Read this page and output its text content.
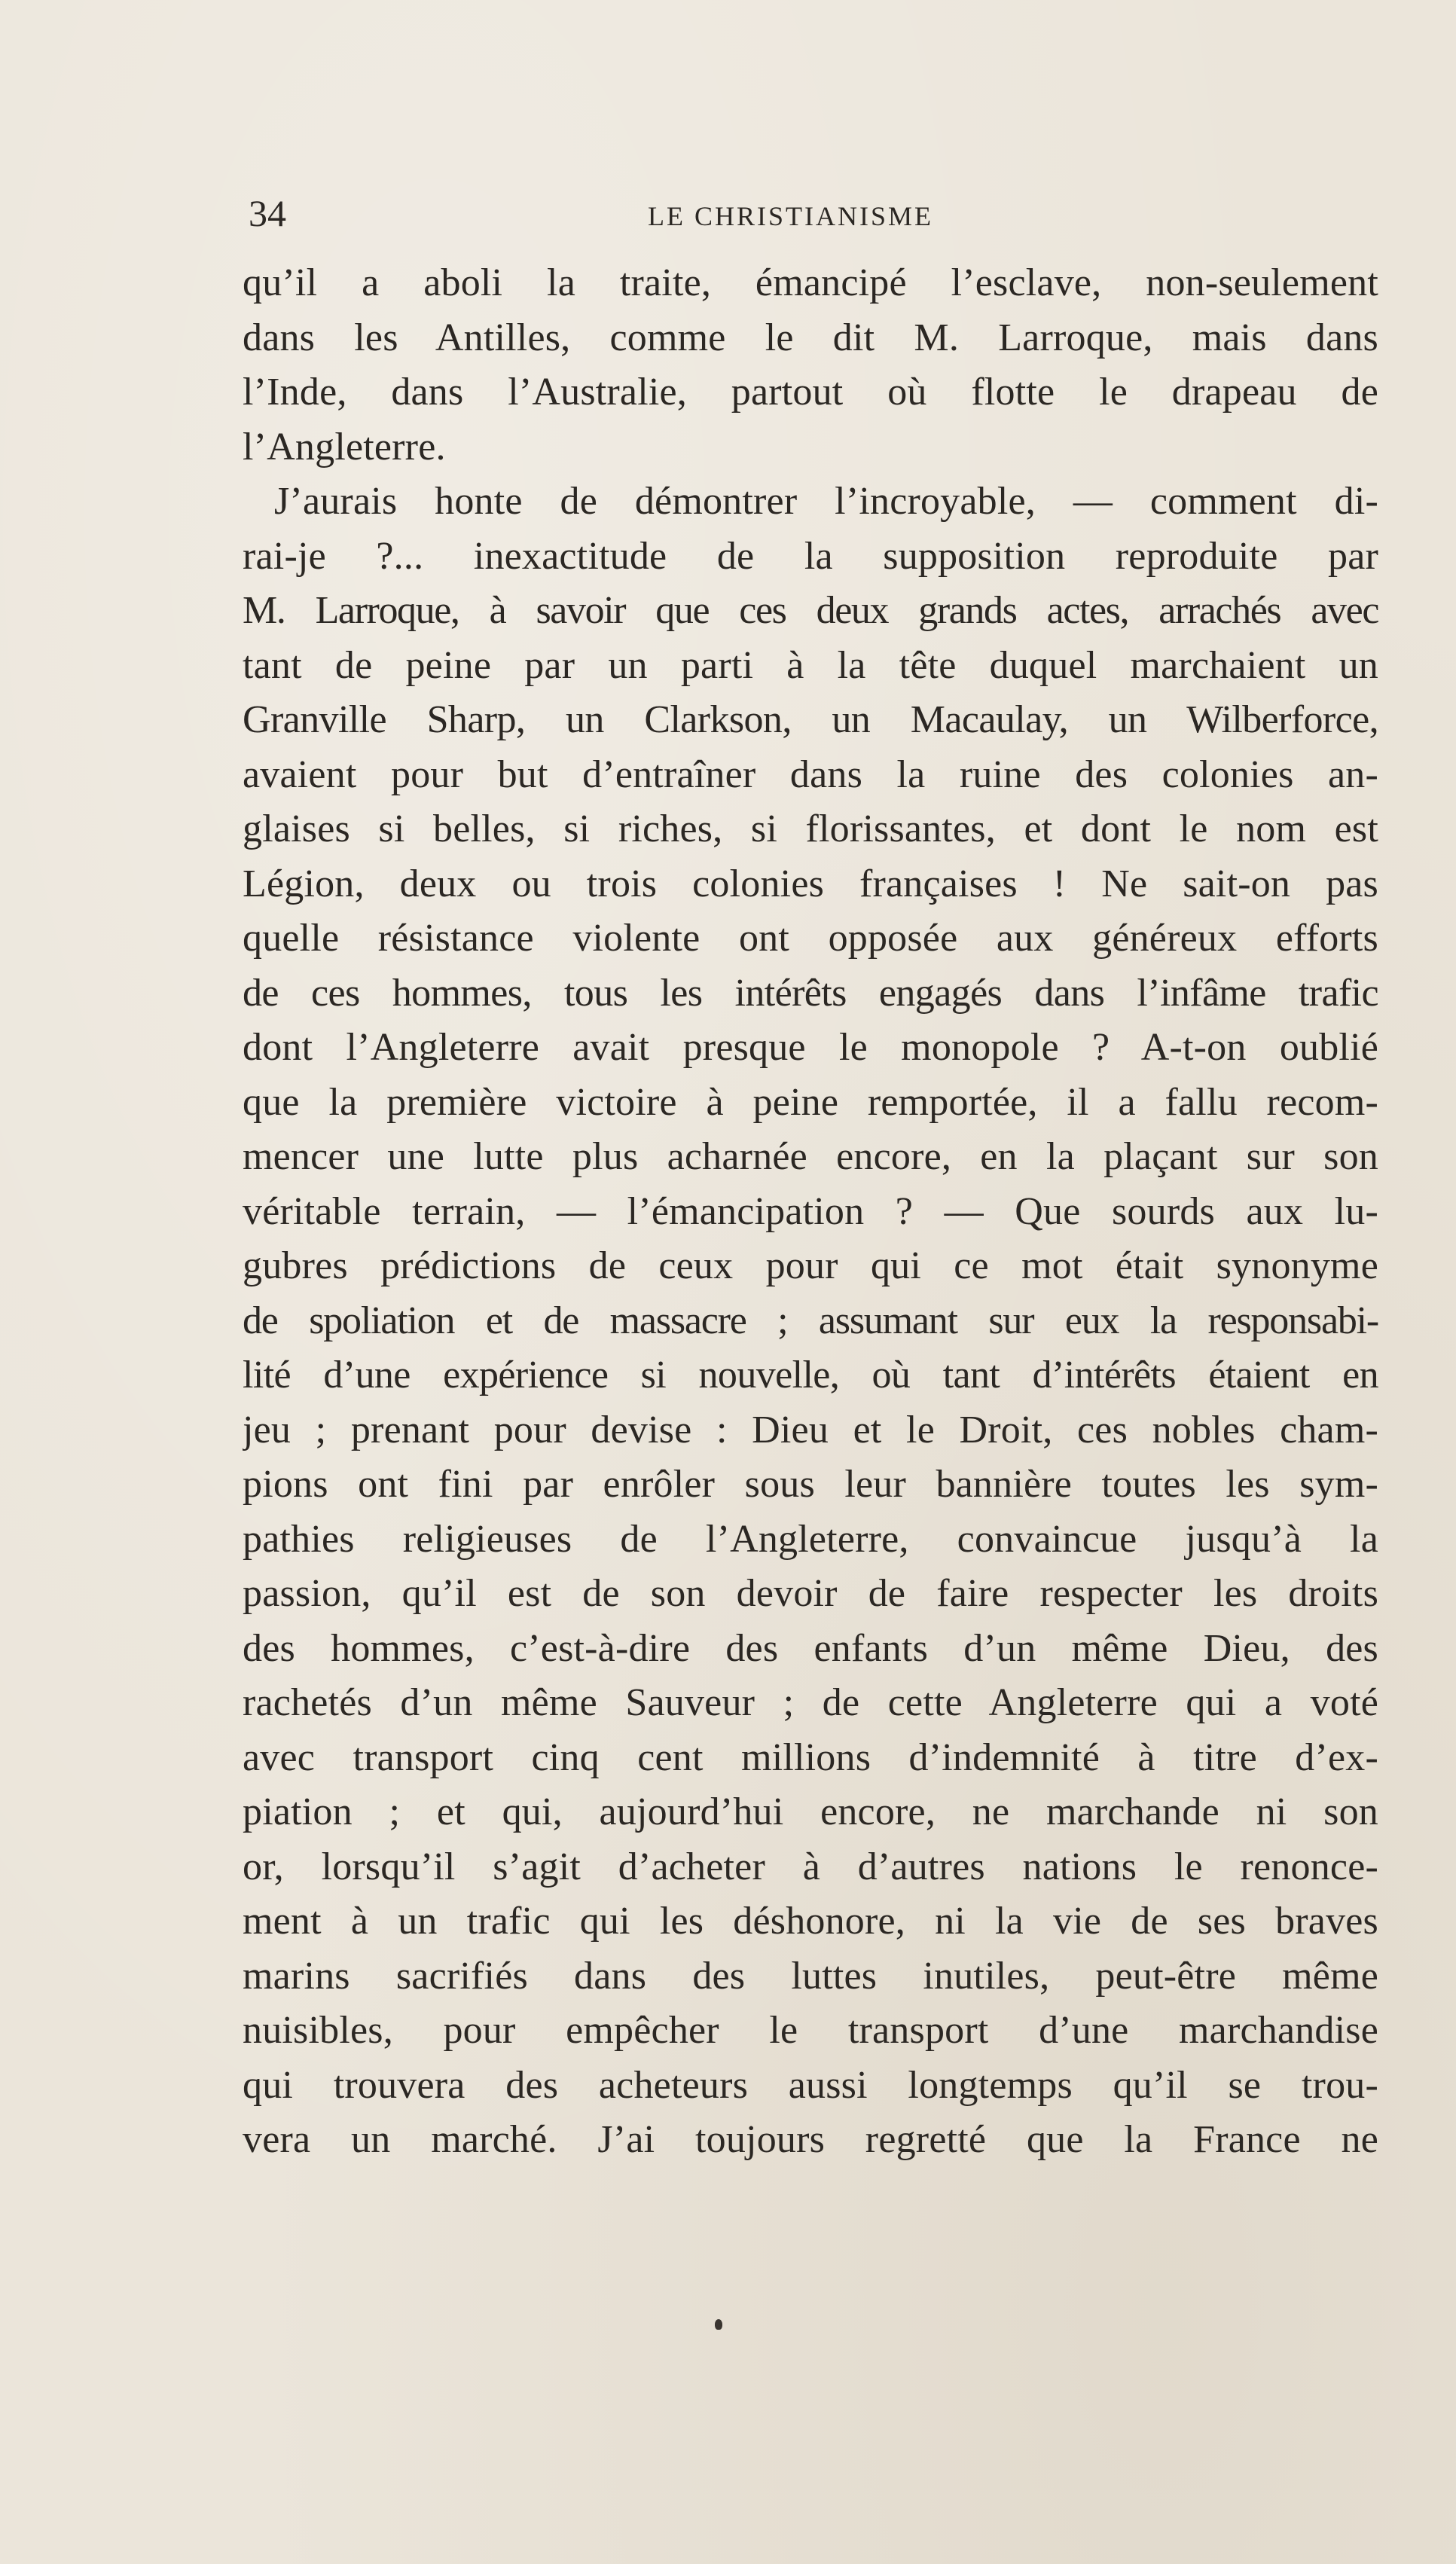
34	LE CHRISTIANISME
qu’il a aboli la traite, émancipé l’esclave, non-seulement
dans les Antilles, comme le dit M. Larroque, mais dans
l’Inde, dans l’Australie, partout où flotte le drapeau de
l’Angleterre.
J’aurais honte de démontrer l’incroyable, — comment di-
rai-je ?... inexactitude de la supposition reproduite par
M. Larroque, à savoir que ces deux grands actes, arrachés avec
tant de peine par un parti à la tête duquel marchaient un
Granville Sharp, un Clarkson, un Macaulay, un Wilberforce,
avaient pour but d’entraîner dans la ruine des colonies an-
glaises si belles, si riches, si florissantes, et dont le nom est
Légion, deux ou trois colonies françaises ! Ne sait-on pas
quelle résistance violente ont opposée aux généreux efforts
de ces hommes, tous les intérêts engagés dans l’infâme trafic
dont l’Angleterre avait presque le monopole ? A-t-on oublié
que la première victoire à peine remportée, il a fallu recom-
mencer une lutte plus acharnée encore, en la plaçant sur son
véritable terrain, — l’émancipation ? — Que sourds aux lu-
gubres prédictions de ceux pour qui ce mot était synonyme
de spoliation et de massacre ; assumant sur eux la responsabi-
lité d’une expérience si nouvelle, où tant d’intérêts étaient en
jeu ; prenant pour devise : Dieu et le Droit, ces nobles cham-
pions ont fini par enrôler sous leur bannière toutes les sym-
pathies religieuses de l’Angleterre, convaincue jusqu’à la
passion, qu’il est de son devoir de faire respecter les droits
des hommes, c’est-à-dire des enfants d’un même Dieu, des
rachetés d’un même Sauveur ; de cette Angleterre qui a voté
avec transport cinq cent millions d’indemnité à titre d’ex-
piation ; et qui, aujourd’hui encore, ne marchande ni son
or, lorsqu’il s’agit d’acheter à d’autres nations le renonce-
ment à un trafic qui les déshonore, ni la vie de ses braves
marins sacrifiés dans des luttes inutiles, peut-être même
nuisibles, pour empêcher le transport d’une marchandise
qui trouvera des acheteurs aussi longtemps qu’il se trou-
vera un marché. J’ai toujours regretté que la France ne
